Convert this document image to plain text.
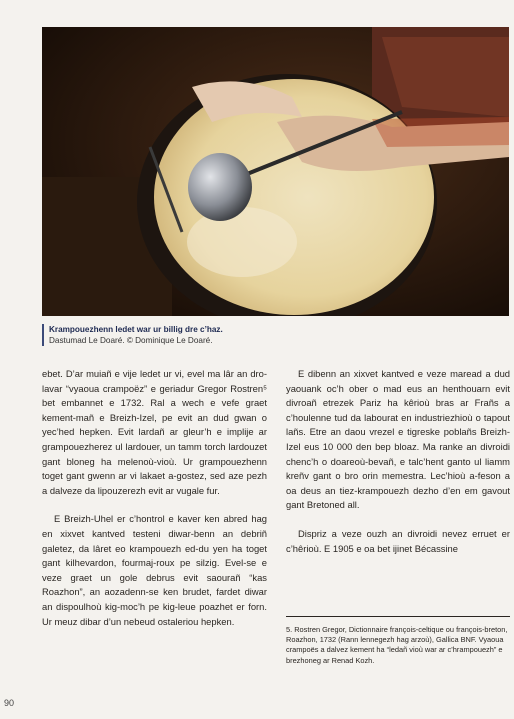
Krampouezhenn ledet war ur billig dre c’haz.
Dastumad Le Doaré. © Dominique Le Doaré.

ebet. D’ar muiañ e vije ledet ur vi, evel ma lâr an dro-lavar “vyaoua crampoëz” e geriadur Gregor Rostren⁵ bet embannet e 1732. Ral a wech e vefe graet kement-mañ e Breizh-Izel, pe evit an dud gwan o yec’hed hepken. Evit lardañ ar gleur’h e implije ar grampouezherez ul lardouer, un tamm torch lardouzet gant bloneg ha melenoù-vioù. Ur grampouezhenn toget gant gwenn ar vi lakaet a-gostez, sed aze pezh a dalveze da lipouzerezh evit ar vugale fur.

E Breizh-Uhel er c’hontrol e kaver ken abred hag en xixvet kantved testeni diwar-benn an debriñ galetez, da lâret eo krampouezh ed-du yen ha toget gant kilhevardon, fourmaj-roux pe silzig. Evel-se e veze graet un gole debrus evit saourañ “kas Roazhon”, an aozadenn-se ken brudet, fardet diwar an dispoulhoù kig-moc’h pe kig-leue poazhet er forn. Ur meuz dibar d’un nebeud ostaleriou hepken.

E dibenn an xixvet kantved e veze maread a dud yaouank oc’h ober o mad eus an henthouarn evit divroañ etrezek Pariz ha kêrioù bras ar Frañs a c’houlenne tud da labourat en industriezhioù o tapout lañs. Etre an daou vrezel e tigreske poblañs Breizh-Izel eus 10 000 den bep bloaz. Ma ranke an divroidi chenc’h o doareoù-bevañ, e talc’hent ganto ul liamm kreñv gant o bro orin memestra. Lec’hioù a-feson a oa deus an tiez-krampouezh dezho d’en em gavout gant Bretoned all.

Dispriz a veze ouzh an divroidi nevez erruet er c’hêrioù. E 1905 e oa bet ijinet Bécassine

5. Rostren Gregor, Dictionnaire françois-celtique ou françois-breton, Roazhon, 1732 (Rann lennegezh hag arzoù), Gallica BNF. Vyaoua crampoës a dalvez kement ha “ledañ vioù war ar c’hrampouezh” e brezhoneg ar Renad Kozh.
90
